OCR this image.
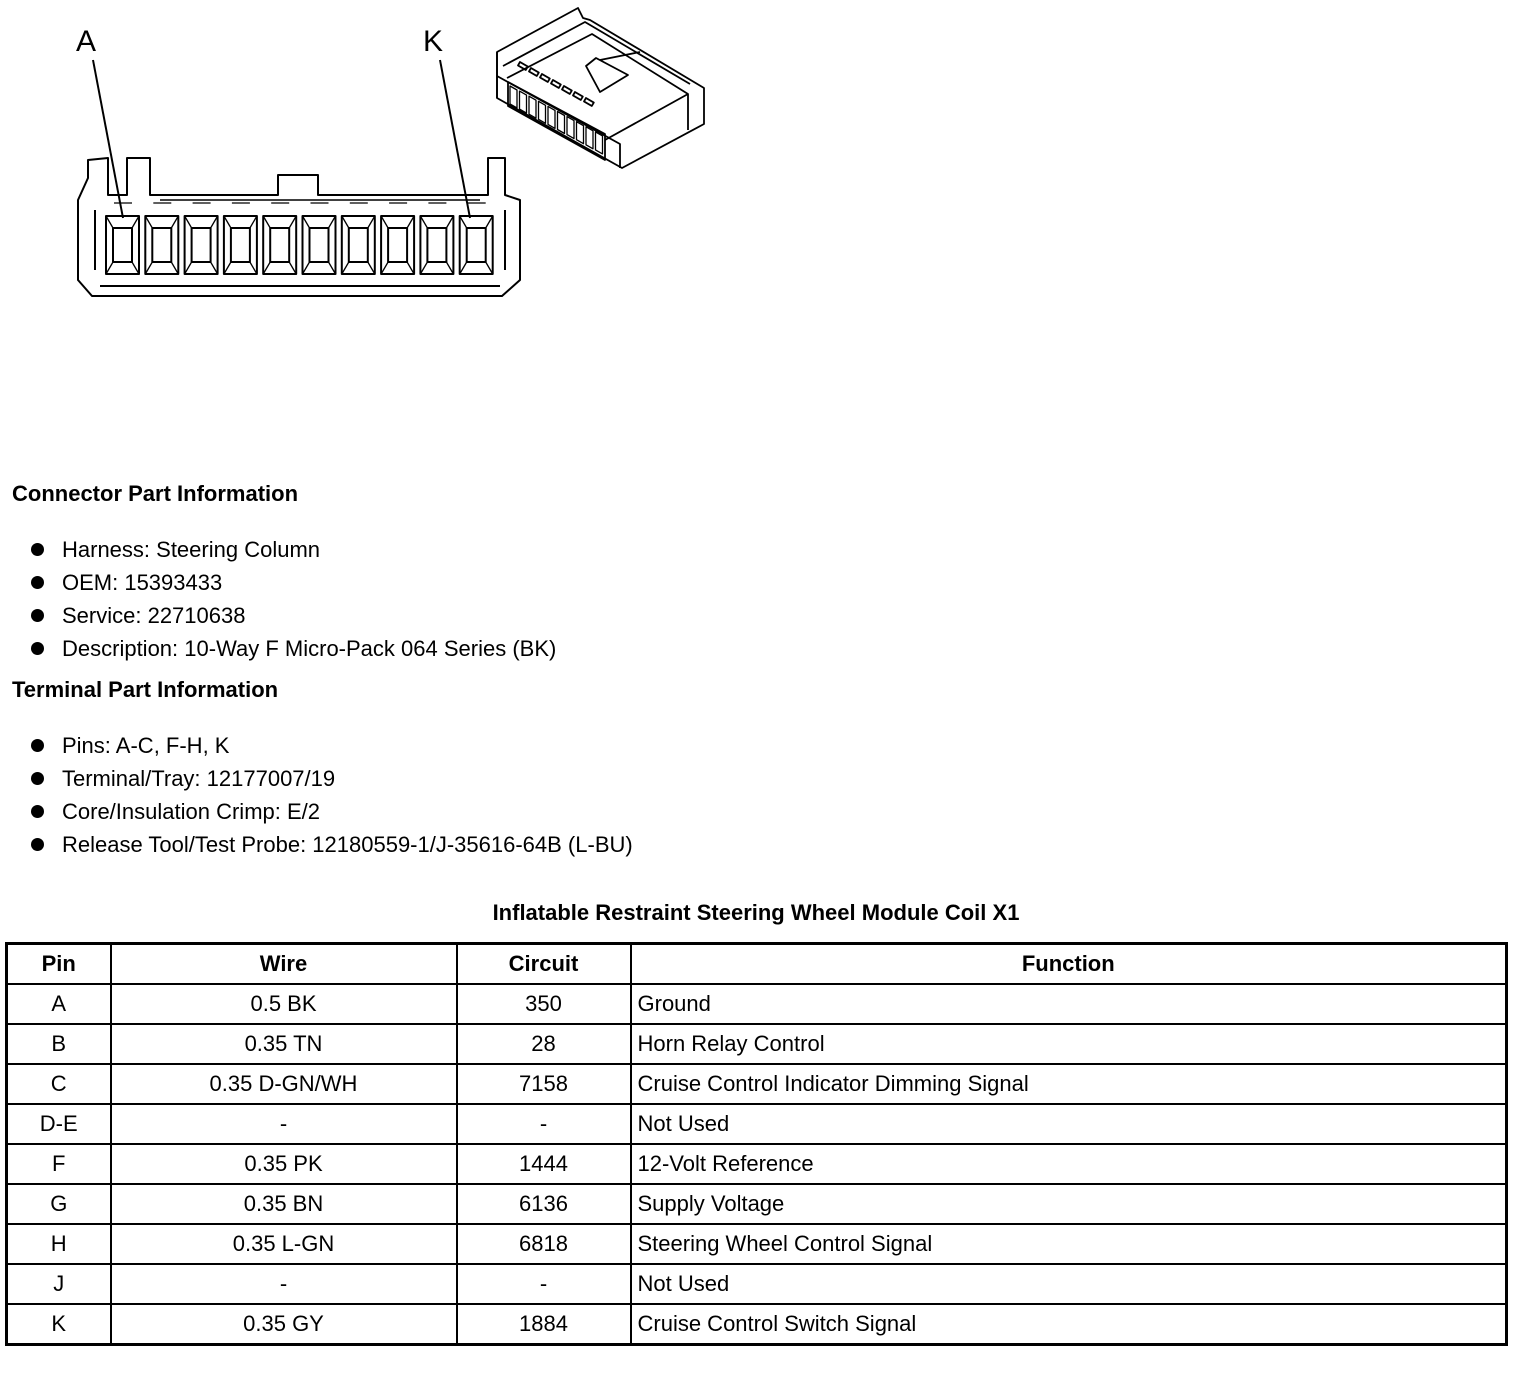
A	K
Connector Part Information
Harness: Steering Column
OEM: 15393433
Service: 22710638
Description: 10-Way F Micro-Pack 064 Series (BK)
Terminal Part Information
Pins: A-C, F-H, K
Terminal/Tray: 12177007/19
Core/Insulation Crimp: E/2
Release Tool/Test Probe: 12180559-1/J-35616-64B (L-BU)
Inflatable Restraint Steering Wheel Module Coil X1
Pin	Wire	Circuit	Function
A	0.5 BK	350	Ground
B	0.35 TN	28	Horn Relay Control
C	0.35 D-GN/WH	7158	Cruise Control Indicator Dimming Signal
D-E	-	-	Not Used
F	0.35 PK	1444	12-Volt Reference
G	0.35 BN	6136	Supply Voltage
H	0.35 L-GN	6818	Steering Wheel Control Signal
J	-	-	Not Used
K	0.35 GY	1884	Cruise Control Switch Signal
